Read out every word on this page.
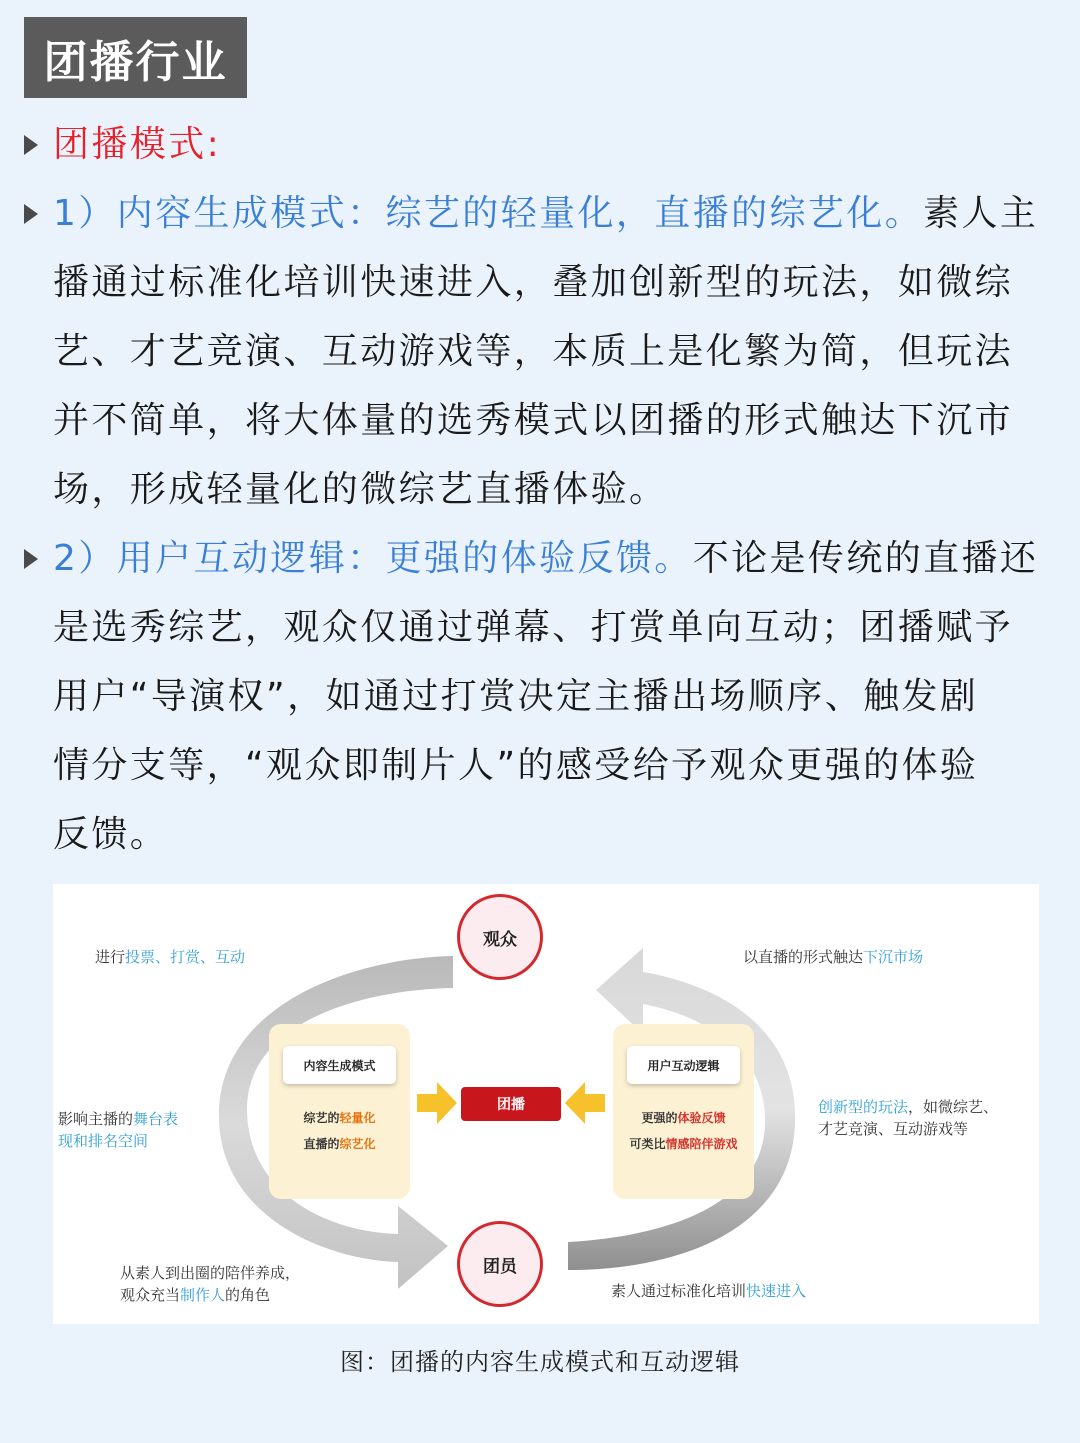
团播行业
团播模式:
1）内容生成模式：综艺的轻量化，直播的综艺化。素人主
播通过标准化培训快速进入，叠加创新型的玩法，如微综
艺、才艺竞演、互动游戏等，本质上是化繁为简，但玩法
并不简单，将大体量的选秀模式以团播的形式触达下沉市
场，形成轻量化的微综艺直播体验。
2）用户互动逻辑：更强的体验反馈。不论是传统的直播还
是选秀综艺，观众仅通过弹幕、打赏单向互动；团播赋予
用户“导演权”，如通过打赏决定主播出场顺序、触发剧
情分支等，“观众即制片人”的感受给予观众更强的体验
反馈。
观众
团员
内容生成模式
综艺的轻量化
直播的综艺化
用户互动逻辑
更强的体验反馈
可类比情感陪伴游戏
团播
进行投票、打赏、互动	以直播的形式触达下沉市场
影响主播的舞台表
现和排名空间
创新型的玩法，如微综艺、
才艺竞演、互动游戏等
从素人到出圈的陪伴养成，
观众充当制作人的角色	素人通过标准化培训快速进入
图：团播的内容生成模式和互动逻辑
